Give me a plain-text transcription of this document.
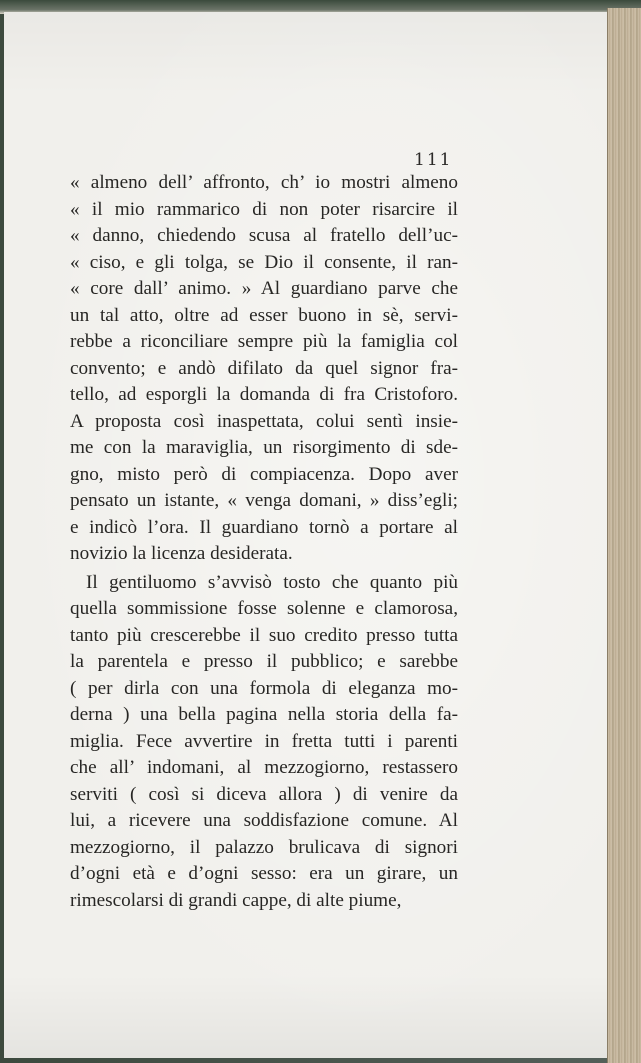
111
« almeno dell’ affronto, ch’ io mostri almeno
« il mio rammarico di non poter risarcire il
« danno, chiedendo scusa al fratello dell’uc-
« ciso, e gli tolga, se Dio il consente, il ran-
« core dall’ animo. » Al guardiano parve che
un tal atto, oltre ad esser buono in sè, servi-
rebbe a riconciliare sempre più la famiglia col
convento; e andò difilato da quel signor fra-
tello, ad esporgli la domanda di fra Cristoforo.
A proposta così inaspettata, colui sentì insie-
me con la maraviglia, un risorgimento di sde-
gno, misto però di compiacenza. Dopo aver
pensato un istante, « venga domani, » diss’egli;
e indicò l’ora. Il guardiano tornò a portare al
novizio la licenza desiderata.
Il gentiluomo s’avvisò tosto che quanto più
quella sommissione fosse solenne e clamorosa,
tanto più crescerebbe il suo credito presso tutta
la parentela e presso il pubblico; e sarebbe
( per dirla con una formola di eleganza mo-
derna ) una bella pagina nella storia della fa-
miglia. Fece avvertire in fretta tutti i parenti
che all’ indomani, al mezzogiorno, restassero
serviti ( così si diceva allora ) di venire da
lui, a ricevere una soddisfazione comune. Al
mezzogiorno, il palazzo brulicava di signori
d’ogni età e d’ogni sesso: era un girare, un
rimescolarsi di grandi cappe, di alte piume,
